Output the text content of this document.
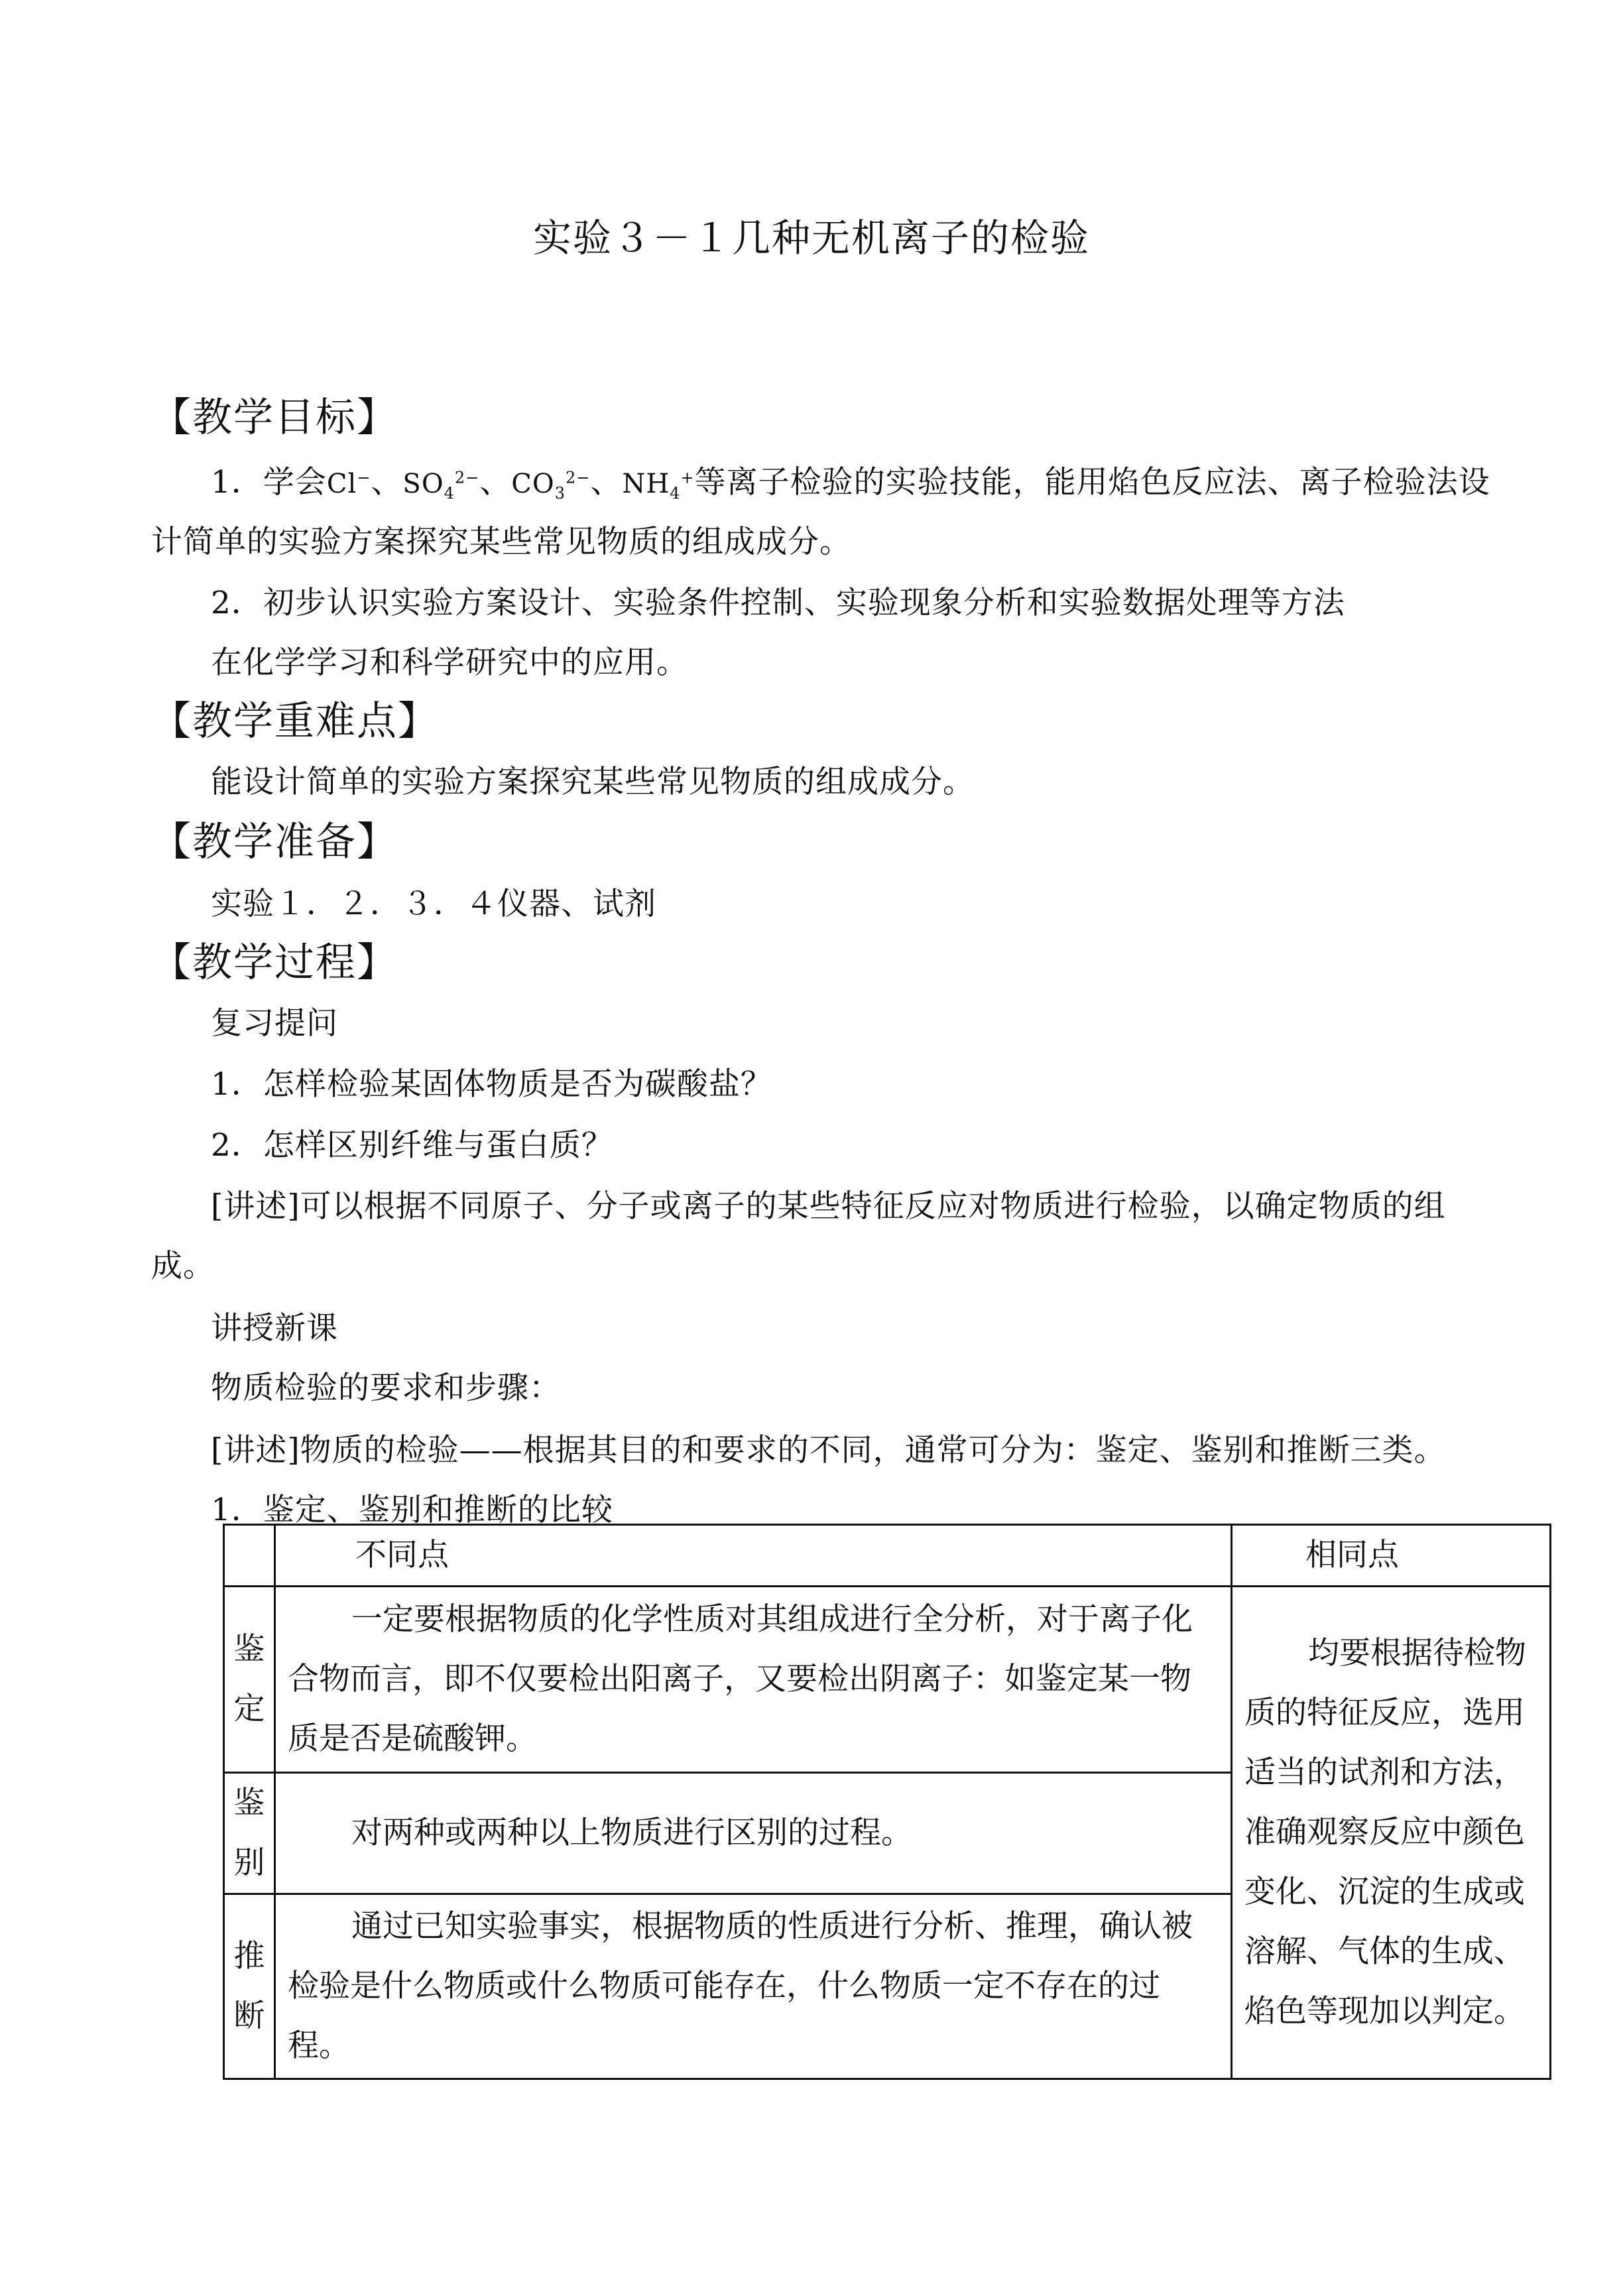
实验３－１几种无机离子的检验
【教学目标】
1．学会Cl−、$SO_4^{2-}$、$CO_3^{2-}$、$NH_4^+$等离子检验的实验技能，能用焰色反应法、离子检验法设
计简单的实验方案探究某些常见物质的组成成分。
2．初步认识实验方案设计、实验条件控制、实验现象分析和实验数据处理等方法
在化学学习和科学研究中的应用。
【教学重难点】
能设计简单的实验方案探究某些常见物质的组成成分。
【教学准备】
实验１．２．３．４仪器、试剂
【教学过程】
复习提问
1．怎样检验某固体物质是否为碳酸盐？
2．怎样区别纤维与蛋白质？
[讲述]可以根据不同原子、分子或离子的某些特征反应对物质进行检验，以确定物质的组
成。
讲授新课
物质检验的要求和步骤：
[讲述]物质的检验——根据其目的和要求的不同，通常可分为：鉴定、鉴别和推断三类。
1．鉴定、鉴别和推断的比较
	不同点	相同点
鉴定	一定要根据物质的化学性质对其组成进行全分析，对于离子化合物而言，即不仅要检出阳离子，又要检出阴离子：如鉴定某一物质是否是硫酸钾。	均要根据待检物质的特征反应，选用适当的试剂和方法，准确观察反应中颜色变化、沉淀的生成或溶解、气体的生成、焰色等现加以判定。
鉴别	对两种或两种以上物质进行区别的过程。	
推断	通过已知实验事实，根据物质的性质进行分析、推理，确认被检验是什么物质或什么物质可能存在，什么物质一定不存在的过程。	
